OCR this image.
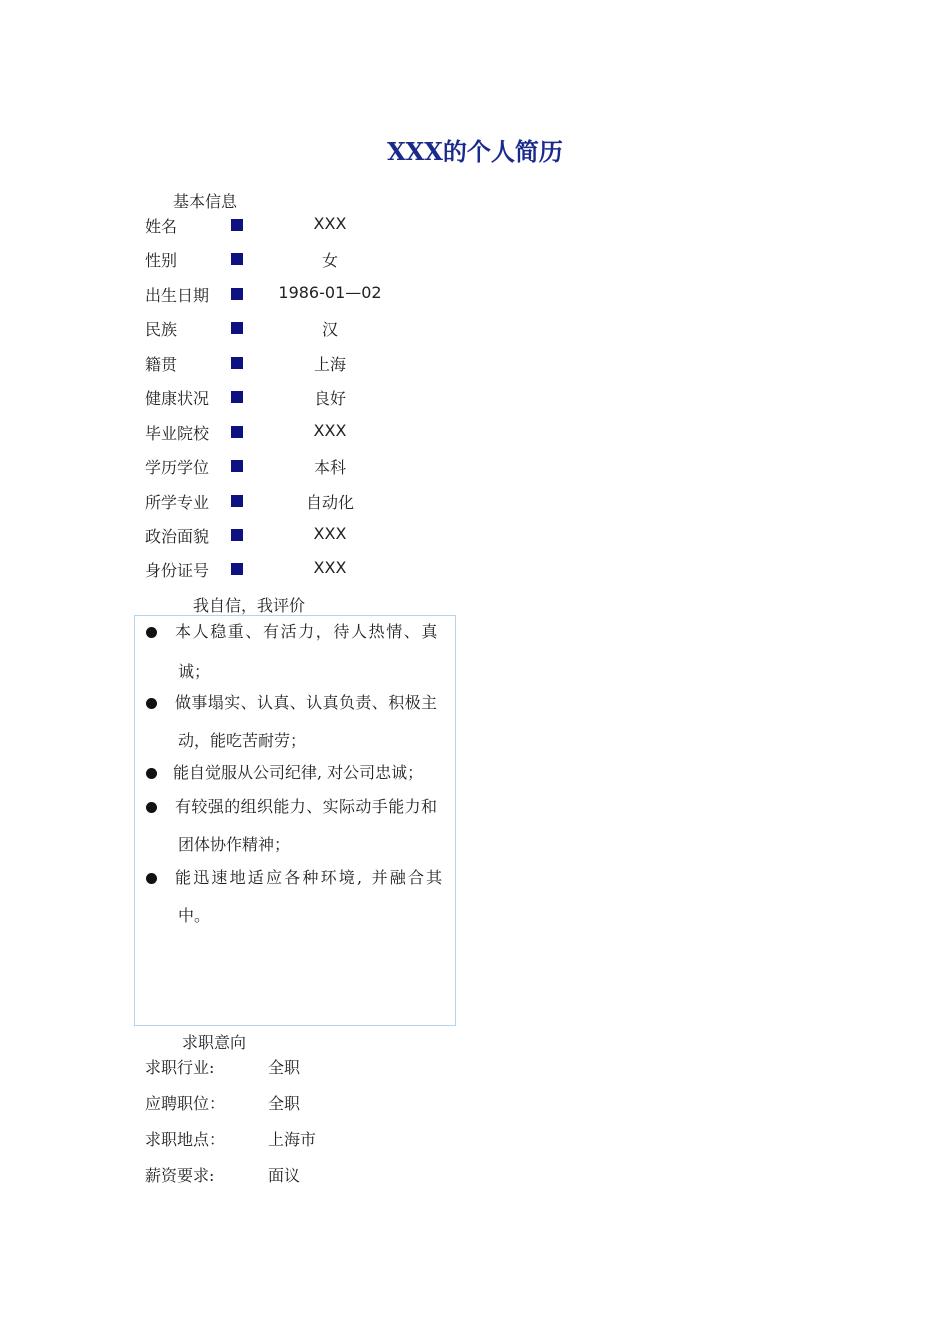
XXX的个人简历
基本信息
姓名	XXX
性别	女
出生日期	1986-01—02
民族	汉
籍贯	上海
健康状况	良好
毕业院校	XXX
学历学位	本科
所学专业	自动化
政治面貌	XXX
身份证号	XXX
我自信，我评价
本人稳重、有活力，待人热情、真
诚；
做事塌实、认真、认真负责、积极主
动，能吃苦耐劳；
能自觉服从公司纪律, 对公司忠诚；
有较强的组织能力、实际动手能力和
团体协作精神；
能迅速地适应各种环境, 并融合其
中。
求职意向
求职行业:	全职
应聘职位：	全职
求职地点：	上海市
薪资要求:	面议
